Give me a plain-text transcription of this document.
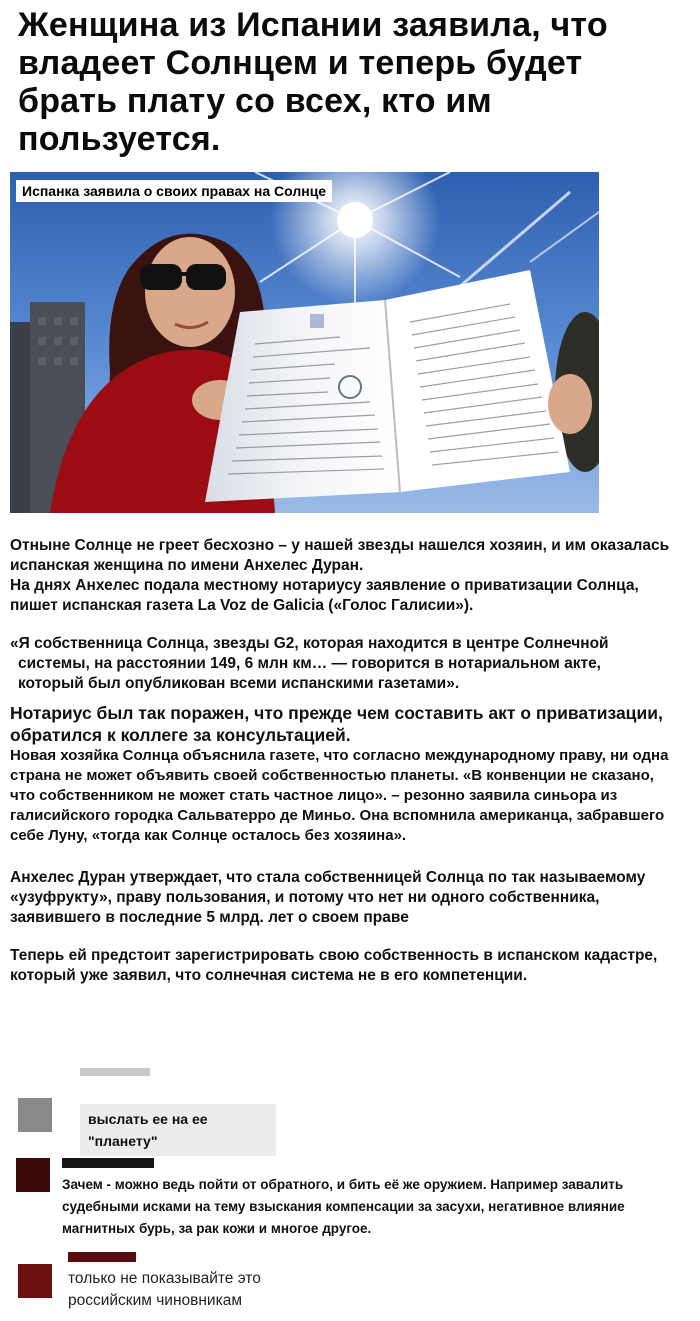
Женщина из Испании заявила, что владеет Солнцем и теперь будет брать плату со всех, кто им пользуется.
Испанка заявила о своих правах на Солнце

Отныне Солнце не греет бесхозно – у нашей звезды нашелся хозяин, и им оказалась испанская женщина по имени Анхелес Дуран.

На днях Анхелес подала местному нотариусу заявление о приватизации Солнца, пишет испанская газета La Voz de Galicia («Голос Галисии»).

«Я собственница Солнца, звезды G2, которая находится в центре Солнечной системы, на расстоянии 149, 6 млн км… — говорится в нотариальном акте, который был опубликован всеми испанскими газетами».

Нотариус был так поражен, что прежде чем составить акт о приватизации, обратился к коллеге за консультацией.

Новая хозяйка Солнца объяснила газете, что согласно международному праву, ни одна страна не может объявить своей собственностью планеты. «В конвенции не сказано, что собственником не может стать частное лицо». – резонно заявила синьора из галисийского городка Сальватерро де Миньо. Она вспомнила американца, забравшего себе Луну, «тогда как Солнце осталось без хозяина».

Анхелес Дуран утверждает, что стала собственницей Солнца по так называемому «узуфрукту», праву пользования, и потому что нет ни одного собственника, заявившего в последние 5 млрд. лет о своем праве

Теперь ей предстоит зарегистрировать свою собственность в испанском кадастре, который уже заявил, что солнечная система не в его компетенции.

выслать ее на ее "планету"
Зачем - можно ведь пойти от обратного, и бить её же оружием. Например завалить судебными исками на тему взыскания компенсации за засухи, негативное влияние магнитных бурь, за рак кожи и многое другое.
только не показывайте это российским чиновникам
